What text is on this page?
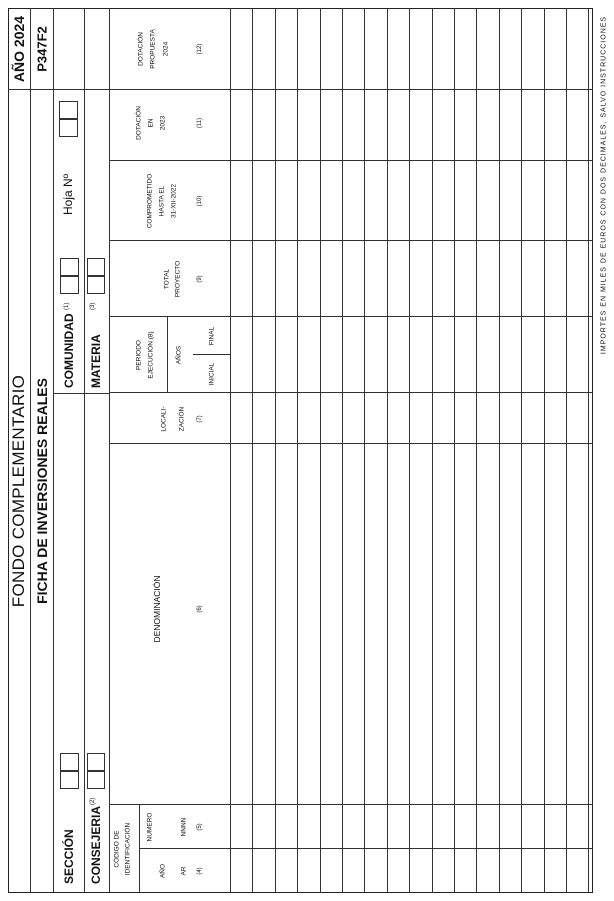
FONDO COMPLEMENTARIO
AÑO 2024
FICHA DE INVERSIONES REALES
P347F2
SECCIÓN
COMUNIDAD
(1)
Hoja Nº
CONSEJERIA
(2)
MATERIA
(3)
CÓDIGO DE IDENTIFICACIÓN	AÑO AR (4)
NUMERO	NNNN (5)
DENOMINACIÓN	(6)
LOCALI- ZACIÓN (7)
PERIODO EJECUCIÓN (8)	AÑOS
INICIAL
FINAL
TOTAL PROYECTO	(9)
COMPROMETIDO HASTA EL 31-XII-2022	(10)
DOTACIÓN EN 2023	(11)
DOTACIÓN PROPUESTA 2024	(12)	IMPORTES EN MILES DE EUROS CON DOS DECIMALES, SALVO INSTRUCCIONES
